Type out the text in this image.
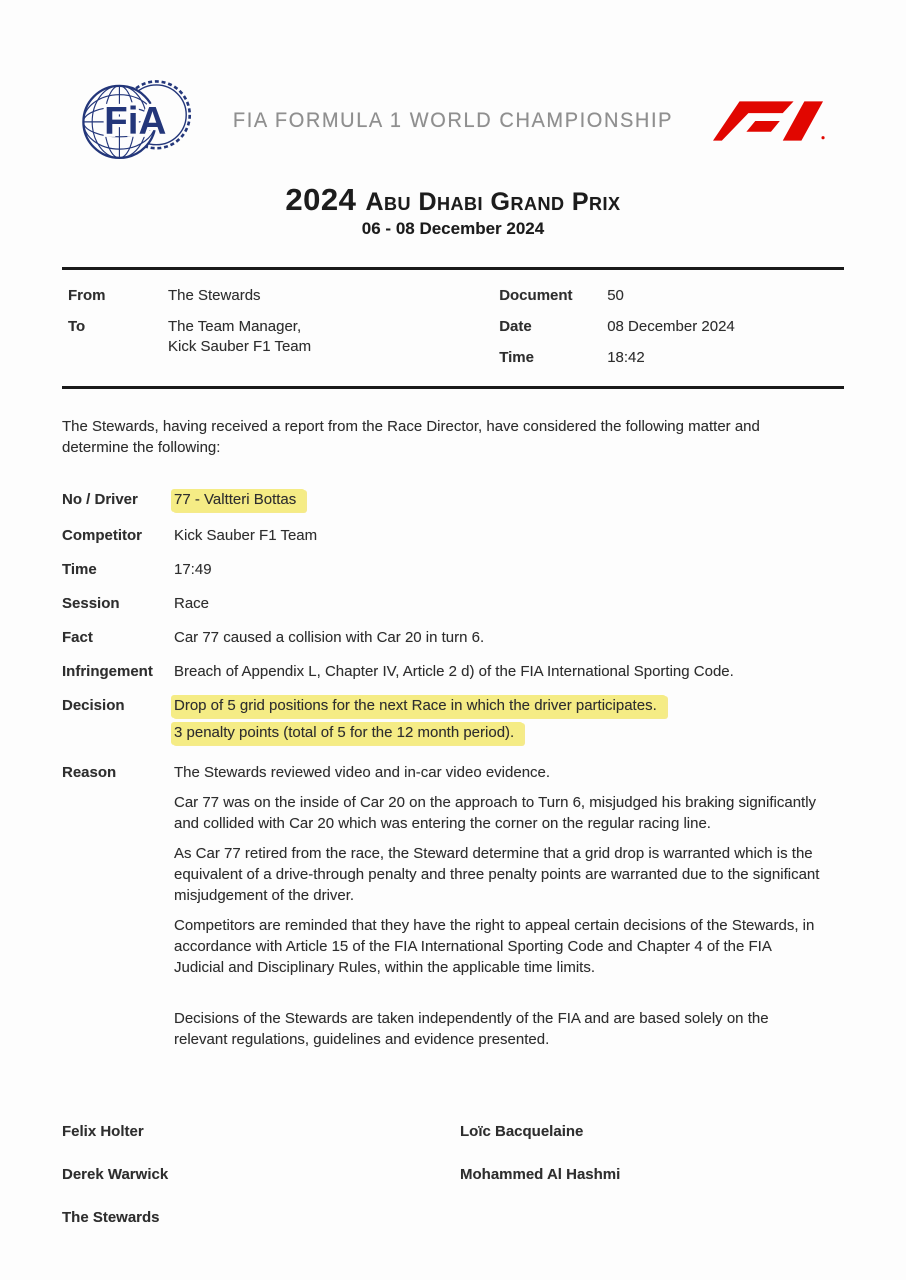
FiA	FIA FORMULA 1 WORLD CHAMPIONSHIP
2024 Abu Dhabi Grand Prix
06 - 08 December 2024
From	The Stewards
To	The Team Manager,
Kick Sauber F1 Team
Document	50
Date	08 December 2024
Time	18:42

The Stewards, having received a report from the Race Director, have considered the following matter and determine the following:

No / Driver	77 - Valtteri Bottas
Competitor	Kick Sauber F1 Team
Time	17:49
Session	Race
Fact	Car 77 caused a collision with Car 20 in turn 6.
Infringement	Breach of Appendix L, Chapter IV, Article 2 d) of the FIA International Sporting Code.
Decision	Drop of 5 grid positions for the next Race in which the driver participates.
3 penalty points (total of 5 for the 12 month period).
Reason	The Stewards reviewed video and in-car video evidence.

Car 77 was on the inside of Car 20 on the approach to Turn 6, misjudged his braking significantly and collided with Car 20 which was entering the corner on the regular racing line.

As Car 77 retired from the race, the Steward determine that a grid drop is warranted which is the equivalent of a drive-through penalty and three penalty points are warranted due to the significant misjudgement of the driver.

Competitors are reminded that they have the right to appeal certain decisions of the Stewards, in accordance with Article 15 of the FIA International Sporting Code and Chapter 4 of the FIA Judicial and Disciplinary Rules, within the applicable time limits.

Decisions of the Stewards are taken independently of the FIA and are based solely on the relevant regulations, guidelines and evidence presented.

Felix Holter	Loïc Bacquelaine
Derek Warwick	Mohammed Al Hashmi
The Stewards
